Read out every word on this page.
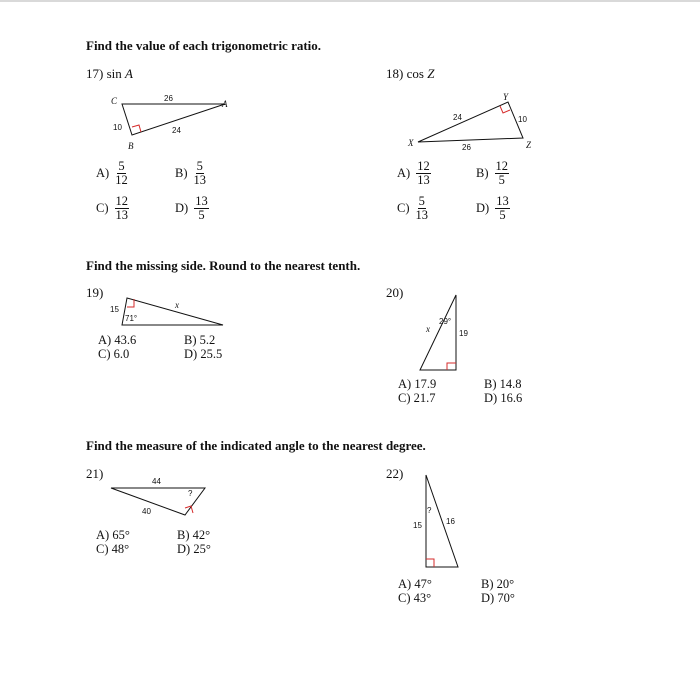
Find the value of each trigonometric ratio.
Find the missing side. Round to the nearest tenth.
Find the measure of the indicated angle to the nearest degree.
17) sin A
C	A
B
26
24
10
$A) \frac{5}{12}$	$B) \frac{5}{13}$
$C) \frac{12}{13}$	$D) \frac{13}{5}$
18) cos Z
X
Y
Z
24	10
26
$A) \frac{12}{13}$	$B) \frac{12}{5}$
$C) \frac{5}{13}$	$D) \frac{13}{5}$
19)
15
71°
x
A) 43.6	B) 5.2
C) 6.0	D) 25.5
20)
29°
19
x
A) 17.9	B) 14.8
C) 21.7	D) 16.6
21)
44
40
?
A) 65°	B) 42°
C) 48°	D) 25°
22)
?
15	16
A) 47°	B) 20°
C) 43°	D) 70°
